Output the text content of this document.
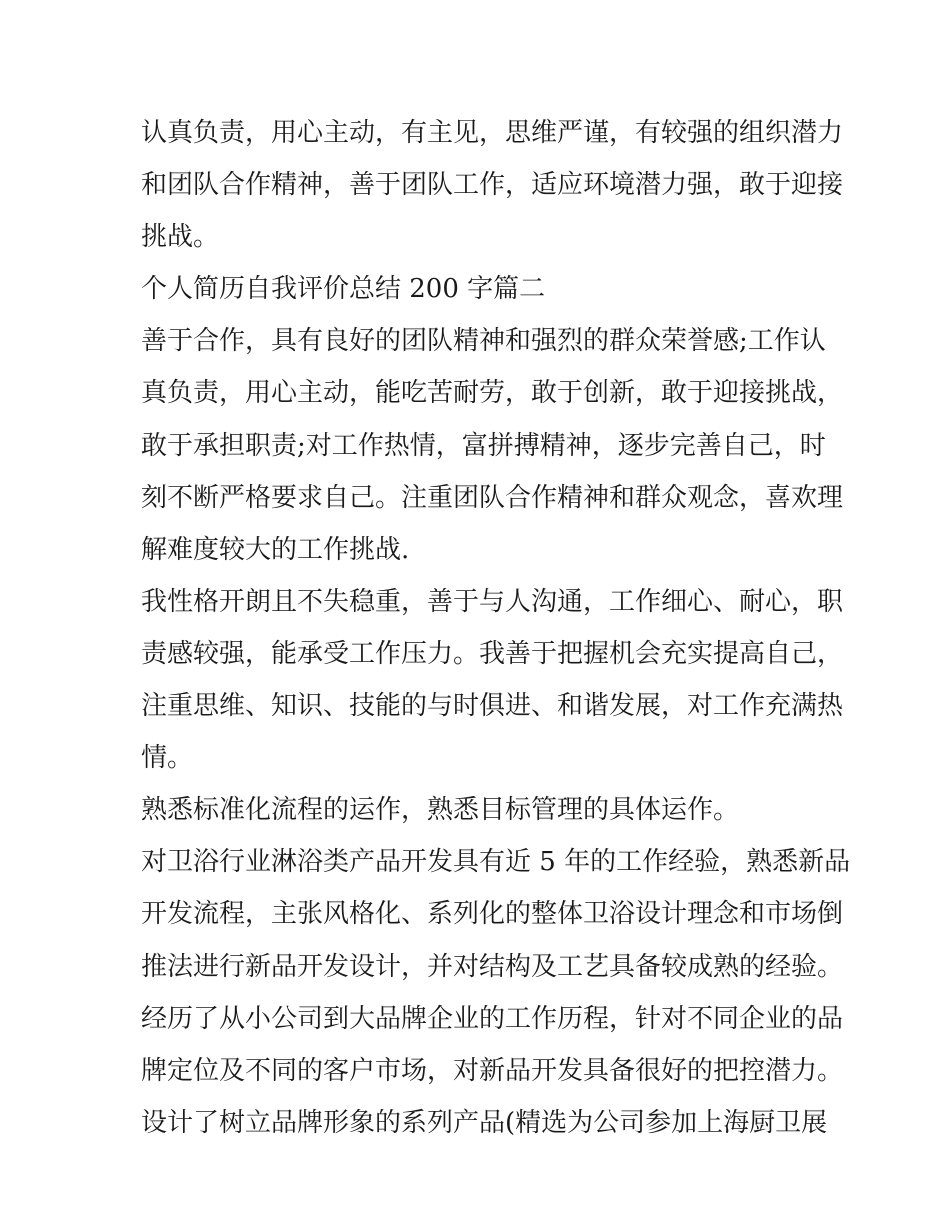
认真负责，用心主动，有主见，思维严谨，有较强的组织潜力
和团队合作精神，善于团队工作，适应环境潜力强，敢于迎接
挑战。
个人简历自我评价总结 200 字篇二
善于合作，具有良好的团队精神和强烈的群众荣誉感;工作认
真负责，用心主动，能吃苦耐劳，敢于创新，敢于迎接挑战，
敢于承担职责;对工作热情，富拼搏精神，逐步完善自己，时
刻不断严格要求自己。注重团队合作精神和群众观念，喜欢理
解难度较大的工作挑战.
我性格开朗且不失稳重，善于与人沟通，工作细心、耐心，职
责感较强，能承受工作压力。我善于把握机会充实提高自己，
注重思维、知识、技能的与时俱进、和谐发展，对工作充满热
情。
熟悉标准化流程的运作，熟悉目标管理的具体运作。
对卫浴行业淋浴类产品开发具有近 5 年的工作经验，熟悉新品
开发流程，主张风格化、系列化的整体卫浴设计理念和市场倒
推法进行新品开发设计，并对结构及工艺具备较成熟的经验。
经历了从小公司到大品牌企业的工作历程，针对不同企业的品
牌定位及不同的客户市场，对新品开发具备很好的把控潜力。
设计了树立品牌形象的系列产品(精选为公司参加上海厨卫展
